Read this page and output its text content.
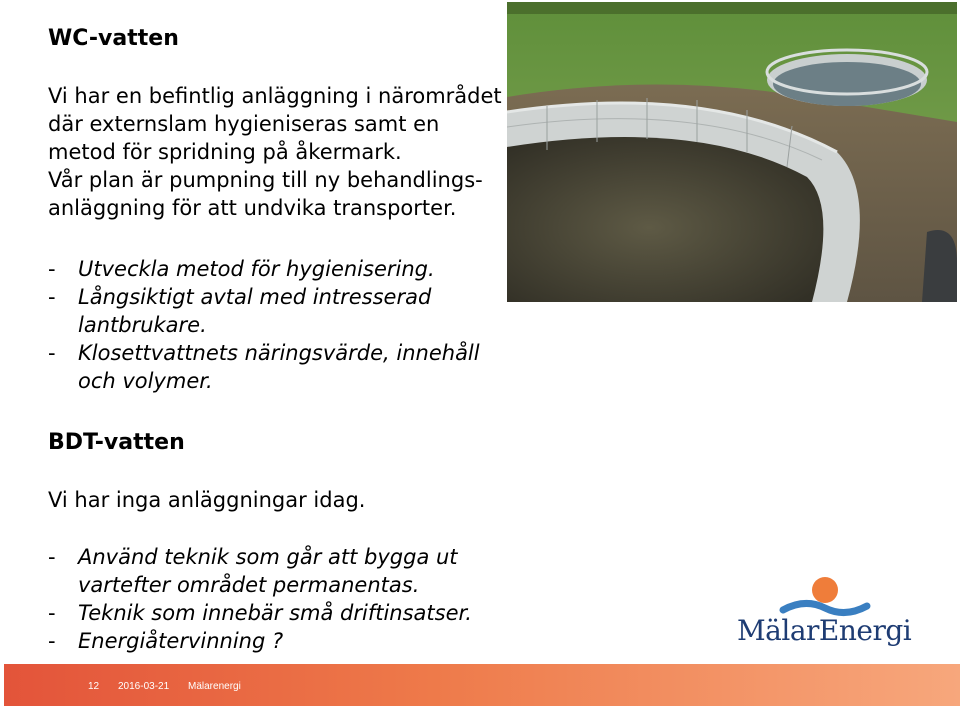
WC-vatten
Vi har en befintlig anläggning i närområdet
där externslam hygieniseras samt en
metod för spridning på åkermark.
Vår plan är pumpning till ny behandlings-
anläggning för att undvika transporter.
- Utveckla metod för hygienisering.
- Långsiktigt avtal med intresserad
lantbrukare.
- Klosettvattnets näringsvärde, innehåll
och volymer.
BDT-vatten
Vi har inga anläggningar idag.
- Använd teknik som går att bygga ut
vartefter området permanentas.
- Teknik som innebär små driftinsatser.
- Energiåtervinning ?	MälarEnergi
12 2016-03-21 Mälarenergi
